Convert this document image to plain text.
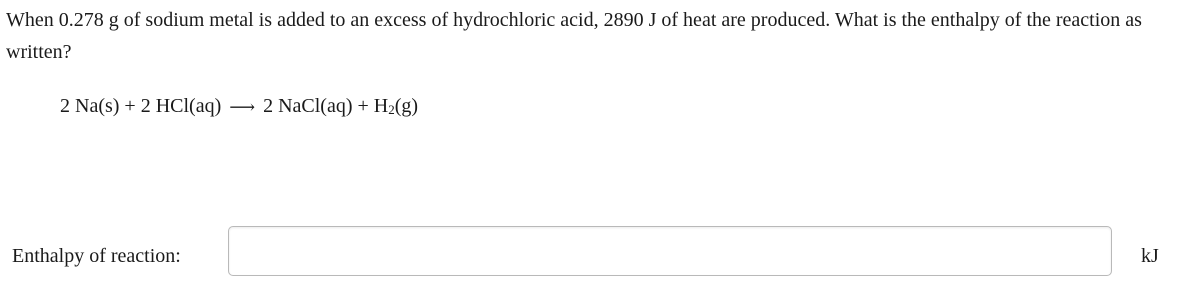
When 0.278 g of sodium metal is added to an excess of hydrochloric acid, 2890 J of heat are produced. What is the enthalpy of the reaction as written?

2 Na(s) + 2 HCl(aq) ⟶ 2 NaCl(aq) + $H_2(g)$
Enthalpy of reaction:	kJ
